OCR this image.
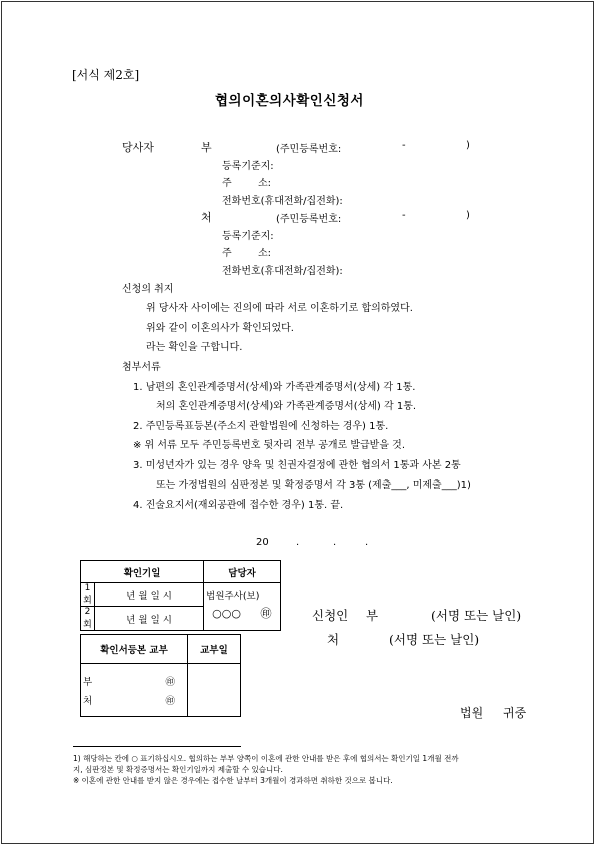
[서식 제2호]
협의이혼의사확인신청서
당사자	부	(주민등록번호:	-	)
등록기준지:
주	소:
전화번호(휴대전화/집전화):
처	(주민등록번호:	-	)
등록기준지:
주	소:
전화번호(휴대전화/집전화):
신청의 취지
위 당사자 사이에는 진의에 따라 서로 이혼하기로 합의하였다.
위와 같이 이혼의사가 확인되었다.
라는 확인을 구합니다.
첨부서류
1. 남편의 혼인관계증명서(상세)와 가족관계증명서(상세) 각 1통.
처의 혼인관계증명서(상세)와 가족관계증명서(상세) 각 1통.
2. 주민등록표등본(주소지 관할법원에 신청하는 경우) 1통.
※ 위 서류 모두 주민등록번호 뒷자리 전부 공개로 발급받을 것.
3. 미성년자가 있는 경우 양육 및 친권자결정에 관한 협의서 1통과 사본 2통
또는 가정법원의 심판정본 및 확정증명서 각 3통 (제출___, 미제출___)1)
4. 진술요지서(재외공관에 접수한 경우) 1통. 끝.
20	.	.	.
확인기일		담당자
1회	년 월 일 시	법원주사(보)
○○○ ㊞

2회	년 월 일 시	
확인서등본 교부	교부일

부 ㊞
처 ㊞	

신청인 부	(서명 또는 날인)
처	(서명 또는 날인)
법원 귀중
1) 해당하는 칸에 ○ 표기하십시오. 협의하는 부부 양쪽이 이혼에 관한 안내를 받은 후에 협의서는 확인기일 1개월 전까
지, 심판정본 및 확정증명서는 확인기일까지 제출할 수 있습니다.
※ 이혼에 관한 안내를 받지 않은 경우에는 접수한 날부터 3개월이 경과하면 취하한 것으로 봅니다.
